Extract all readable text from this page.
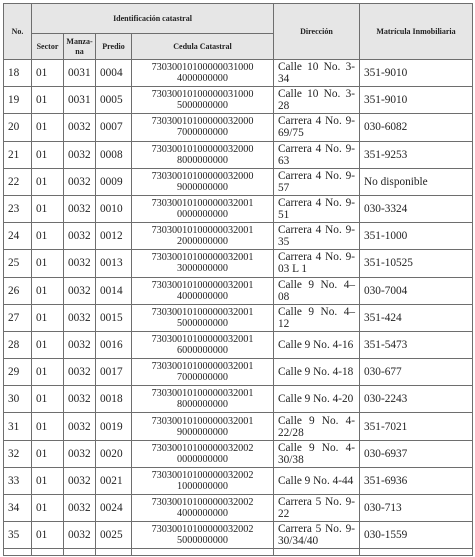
No.	Identificación catastral				Dirección	Matrícula Inmobiliaria
	Sector	Manza-na	Predio	Cedula Catastral		
18	01	0031	0004	73030010100000031000 4000000000	Calle 10 No. 3-34	351-9010
19	01	0031	0005	73030010100000031000 5000000000	Calle 10 No. 3-28	351-9010
20	01	0032	0007	73030010100000032000 7000000000	Carrera 4 No. 9-69/75	030-6082
21	01	0032	0008	73030010100000032000 8000000000	Carrera 4 No. 9-63	351-9253
22	01	0032	0009	73030010100000032000 9000000000	Carrera 4 No. 9-57	No disponible
23	01	0032	0010	73030010100000032001 0000000000	Carrera 4 No. 9-51	030-3324
24	01	0032	0012	73030010100000032001 2000000000	Carrera 4 No. 9-35	351-1000
25	01	0032	0013	73030010100000032001 3000000000	Carrera 4 No. 9-03 L 1	351-10525
26	01	0032	0014	73030010100000032001 4000000000	Calle 9 No. 4–08	030-7004
27	01	0032	0015	73030010100000032001 5000000000	Calle 9 No. 4–12	351-424
28	01	0032	0016	73030010100000032001 6000000000	Calle 9 No. 4-16	351-5473
29	01	0032	0017	73030010100000032001 7000000000	Calle 9 No. 4-18	030-677
30	01	0032	0018	73030010100000032001 8000000000	Calle 9 No. 4-20	030-2243
31	01	0032	0019	73030010100000032001 9000000000	Calle 9 No. 4-22/28	351-7021
32	01	0032	0020	73030010100000032002 0000000000	Calle 9 No. 4-30/38	030-6937
33	01	0032	0021	73030010100000032002 1000000000	Calle 9 No. 4-44	351-6936
34	01	0032	0024	73030010100000032002 4000000000	Carrera 5 No. 9-22	030-713
35	01	0032	0025	73030010100000032002 5000000000	Carrera 5 No. 9-30/34/40	030-1559
